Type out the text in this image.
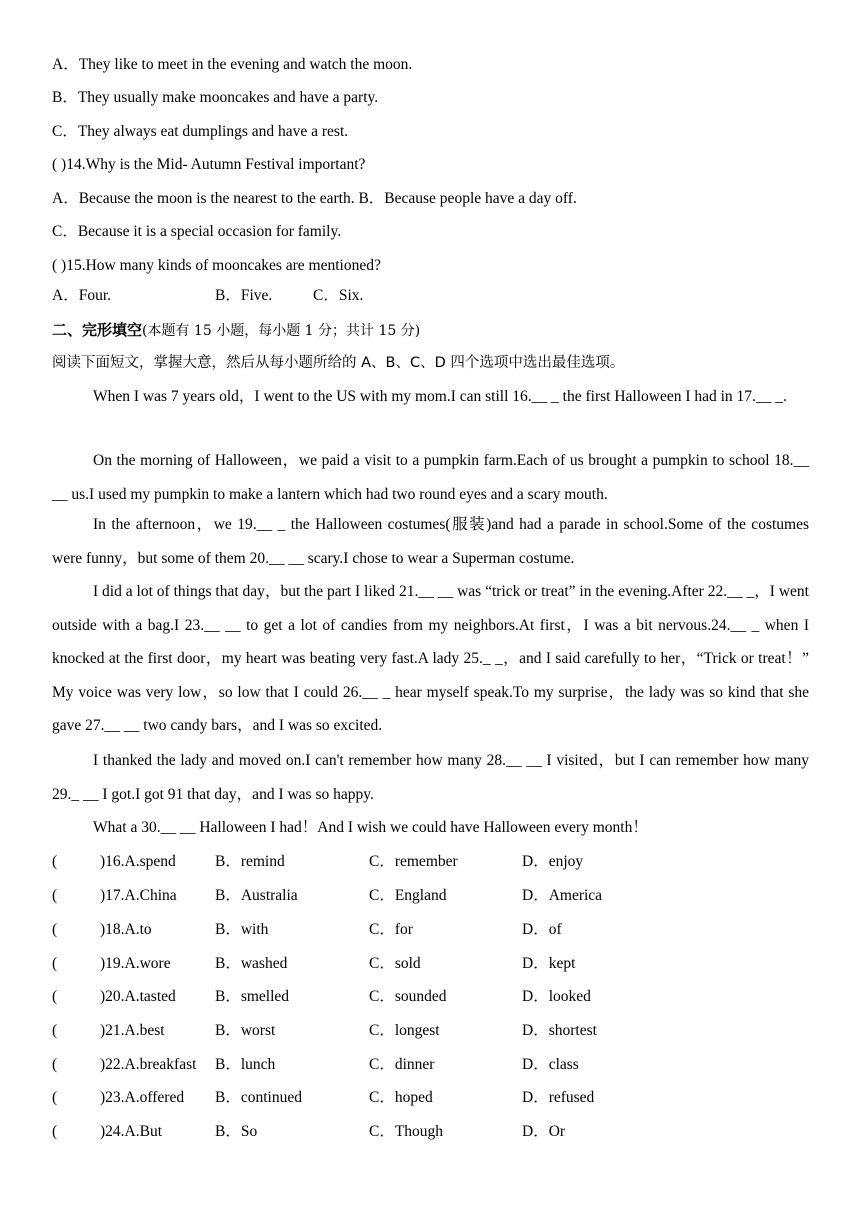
A．They like to meet in the evening and watch the moon.
B．They usually make mooncakes and have a party.
C．They always eat dumplings and have a rest.
( )14.Why is the Mid- Autumn Festival important?
A．Because the moon is the nearest to the earth. B．Because people have a day off.
C．Because it is a special occasion for family.
( )15.How many kinds of mooncakes are mentioned?
A．Four.	B．Five.	C．Six.
二、完形填空(本题有 15 小题，每小题 1 分；共计 15 分)
阅读下面短文，掌握大意，然后从每小题所给的 A、B、C、D 四个选项中选出最佳选项。
When I was 7 years old，I went to the US with my mom.I can still 16.__ _ the first Halloween I had in 17.__ _.
On the morning of Halloween，we paid a visit to a pumpkin farm.Each of us brought a pumpkin to school 18.__ __ us.I used my pumpkin to make a lantern which had two round eyes and a scary mouth.
In the afternoon，we 19.__ _ the Halloween costumes(服装)and had a parade in school.Some of the costumes were funny，but some of them 20.__ __ scary.I chose to wear a Superman costume.
I did a lot of things that day，but the part I liked 21.__ __ was “trick or treat” in the evening.After 22.__ _，I went outside with a bag.I 23.__ __ to get a lot of candies from my neighbors.At first，I was a bit nervous.24.__ _ when I knocked at the first door，my heart was beating very fast.A lady 25._ _，and I said carefully to her，“Trick or treat！” My voice was very low，so low that I could 26.__ _ hear myself speak.To my surprise，the lady was so kind that she gave 27.__ __ two candy bars，and I was so excited.
I thanked the lady and moved on.I can't remember how many 28.__ __ I visited，but I can remember how many 29._ __ I got.I got 91 that day，and I was so happy.
What a 30.__ __ Halloween I had！And I wish we could have Halloween every month！
(	)16.A.spend	B．remind	C．remember	D．enjoy
(	)17.A.China B．Australia	C．England	D．America
(	)18.A.to	B．with	C．for	D．of
(	)19.A.wore	B．washed	C．sold	D．kept
(	)20.A.tasted	B．smelled	C．sounded	D．looked
(	)21.A.best	B．worst	C．longest	D．shortest
(	)22.A.breakfast B．lunch	C．dinner	D．class
(	)23.A.offered B．continued	C．hoped	D．refused
(	)24.A.But	B．So	C．Though	D．Or
